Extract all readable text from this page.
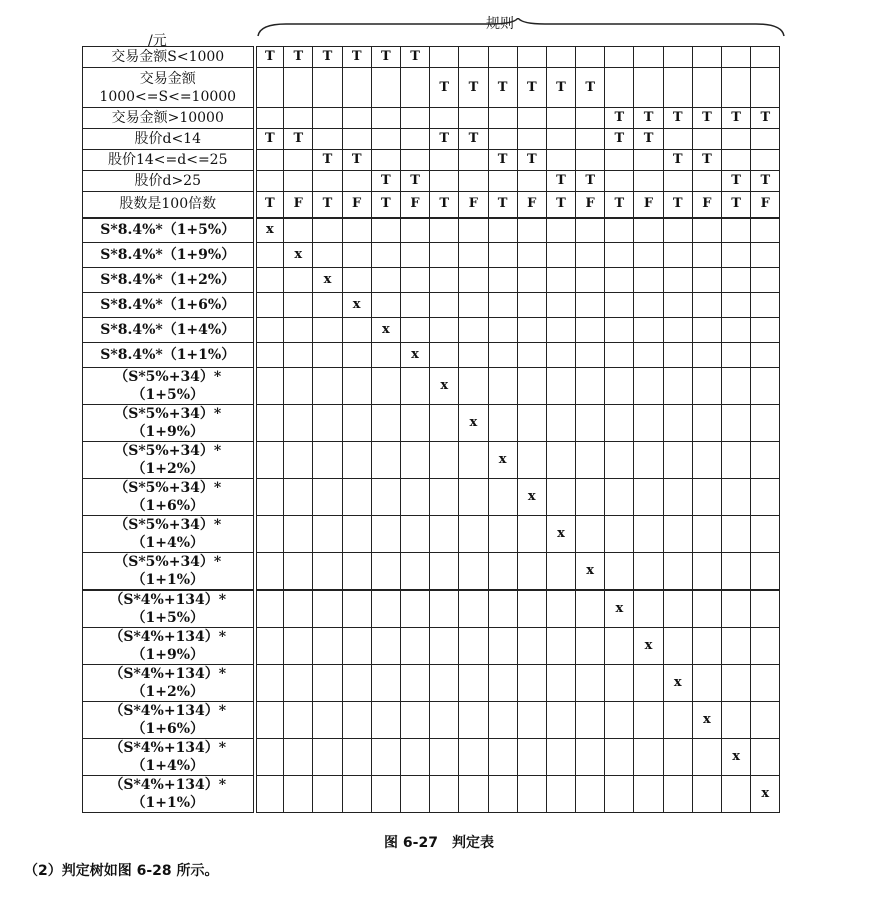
/元
规则
交易金额S<1000	T	T	T	T	T	T												

交易金额
1000<=S<=10000							T	T	T	T	T	T						

交易金额>10000													T	T	T	T	T	T

股价d<14	T	T					T	T					T	T				

股价14<=d<=25			T	T					T	T					T	T		

股价d>25					T	T					T	T					T	T

股数是100倍数	T	F	T	F	T	F	T	F	T	F	T	F	T	F	T	F	T	F

S*8.4%*（1+5%）	x																	

S*8.4%*（1+9%）		x																

S*8.4%*（1+2%）			x															

S*8.4%*（1+6%）				x														

S*8.4%*（1+4%）					x													

S*8.4%*（1+1%）						x												

（S*5%+34）*
（1+5%）							x											

（S*5%+34）*
（1+9%）								x										

（S*5%+34）*
（1+2%）									x									

（S*5%+34）*
（1+6%）										x								

（S*5%+34）*
（1+4%）											x							

（S*5%+34）*
（1+1%）												x						

（S*4%+134）*
（1+5%）													x					

（S*4%+134）*
（1+9%）														x				

（S*4%+134）*
（1+2%）															x			

（S*4%+134）*
（1+6%）																x		

（S*4%+134）*
（1+4%）																	x	

（S*4%+134）*
（1+1%）																		x
图 6-27　判定表
（2）判定树如图 6-28 所示。
